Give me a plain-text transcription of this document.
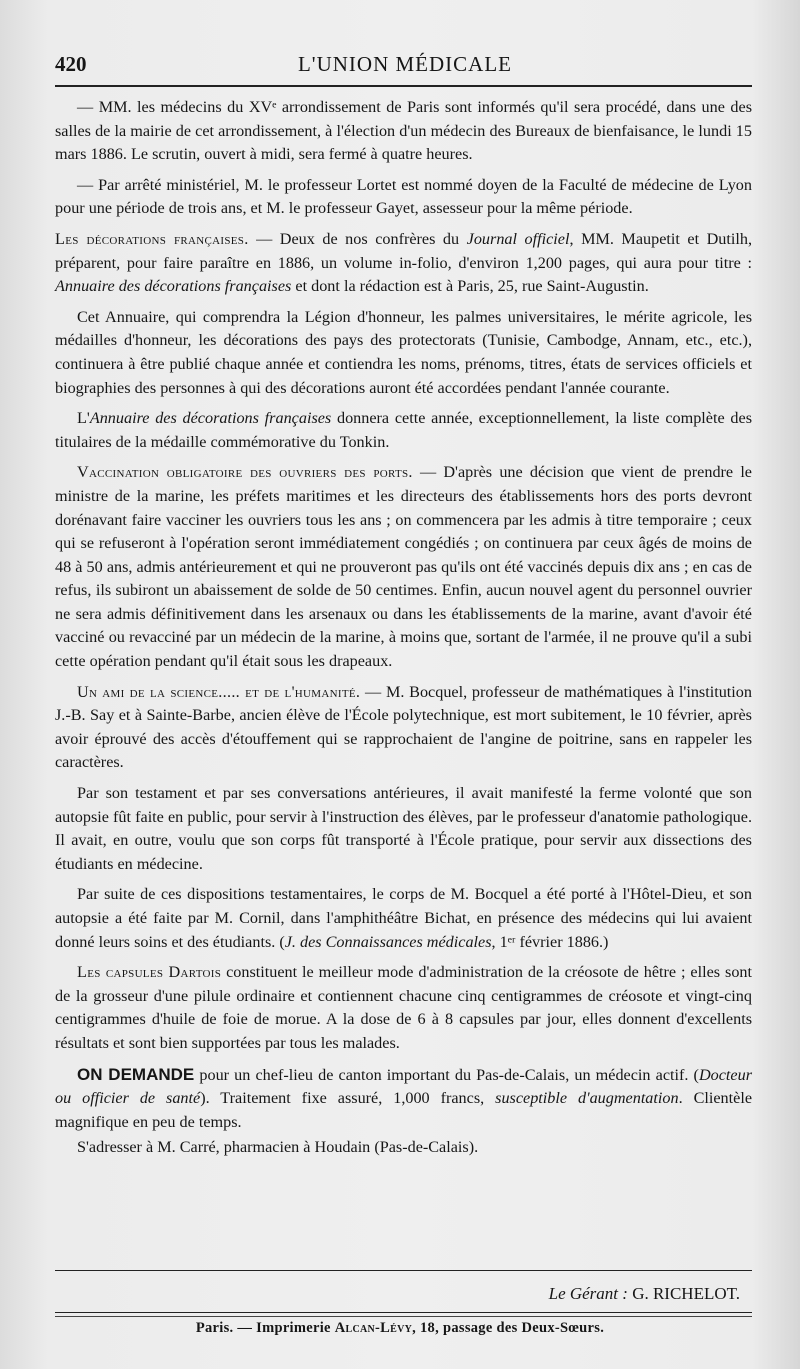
420	L'UNION MÉDICALE

— MM. les médecins du XVᵉ arrondissement de Paris sont informés qu'il sera procédé, dans une des salles de la mairie de cet arrondissement, à l'élection d'un médecin des Bureaux de bienfaisance, le lundi 15 mars 1886. Le scrutin, ouvert à midi, sera fermé à quatre heures.

— Par arrêté ministériel, M. le professeur Lortet est nommé doyen de la Faculté de médecine de Lyon pour une période de trois ans, et M. le professeur Gayet, assesseur pour la même période.

Les décorations françaises. — Deux de nos confrères du Journal officiel, MM. Maupetit et Dutilh, préparent, pour faire paraître en 1886, un volume in-folio, d'environ 1,200 pages, qui aura pour titre : Annuaire des décorations françaises et dont la rédaction est à Paris, 25, rue Saint-Augustin.

Cet Annuaire, qui comprendra la Légion d'honneur, les palmes universitaires, le mérite agricole, les médailles d'honneur, les décorations des pays des protectorats (Tunisie, Cambodge, Annam, etc., etc.), continuera à être publié chaque année et contiendra les noms, prénoms, titres, états de services officiels et biographies des personnes à qui des décorations auront été accordées pendant l'année courante.

L'Annuaire des décorations françaises donnera cette année, exceptionnellement, la liste complète des titulaires de la médaille commémorative du Tonkin.

Vaccination obligatoire des ouvriers des ports. — D'après une décision que vient de prendre le ministre de la marine, les préfets maritimes et les directeurs des établissements hors des ports devront dorénavant faire vacciner les ouvriers tous les ans ; on commencera par les admis à titre temporaire ; ceux qui se refuseront à l'opération seront immédiatement congédiés ; on continuera par ceux âgés de moins de 48 à 50 ans, admis antérieurement et qui ne prouveront pas qu'ils ont été vaccinés depuis dix ans ; en cas de refus, ils subiront un abaissement de solde de 50 centimes. Enfin, aucun nouvel agent du personnel ouvrier ne sera admis définitivement dans les arsenaux ou dans les établissements de la marine, avant d'avoir été vacciné ou revacciné par un médecin de la marine, à moins que, sortant de l'armée, il ne prouve qu'il a subi cette opération pendant qu'il était sous les drapeaux.

Un ami de la science..... et de l'humanité. — M. Bocquel, professeur de mathématiques à l'institution J.-B. Say et à Sainte-Barbe, ancien élève de l'École polytechnique, est mort subitement, le 10 février, après avoir éprouvé des accès d'étouffement qui se rapprochaient de l'angine de poitrine, sans en rappeler les caractères.

Par son testament et par ses conversations antérieures, il avait manifesté la ferme volonté que son autopsie fût faite en public, pour servir à l'instruction des élèves, par le professeur d'anatomie pathologique. Il avait, en outre, voulu que son corps fût transporté à l'École pratique, pour servir aux dissections des étudiants en médecine.

Par suite de ces dispositions testamentaires, le corps de M. Bocquel a été porté à l'Hôtel-Dieu, et son autopsie a été faite par M. Cornil, dans l'amphithéâtre Bichat, en présence des médecins qui lui avaient donné leurs soins et des étudiants. (J. des Connaissances médicales, 1ᵉʳ février 1886.)

Les capsules Dartois constituent le meilleur mode d'administration de la créosote de hêtre ; elles sont de la grosseur d'une pilule ordinaire et contiennent chacune cinq centigrammes de créosote et vingt-cinq centigrammes d'huile de foie de morue. A la dose de 6 à 8 capsules par jour, elles donnent d'excellents résultats et sont bien supportées par tous les malades.

ON DEMANDE pour un chef-lieu de canton important du Pas-de-Calais, un médecin actif. (Docteur ou officier de santé). Traitement fixe assuré, 1,000 francs, susceptible d'augmentation. Clientèle magnifique en peu de temps.

S'adresser à M. Carré, pharmacien à Houdain (Pas-de-Calais).

Le Gérant : G. RICHELOT.
Paris. — Imprimerie Alcan-Lévy, 18, passage des Deux-Sœurs.
